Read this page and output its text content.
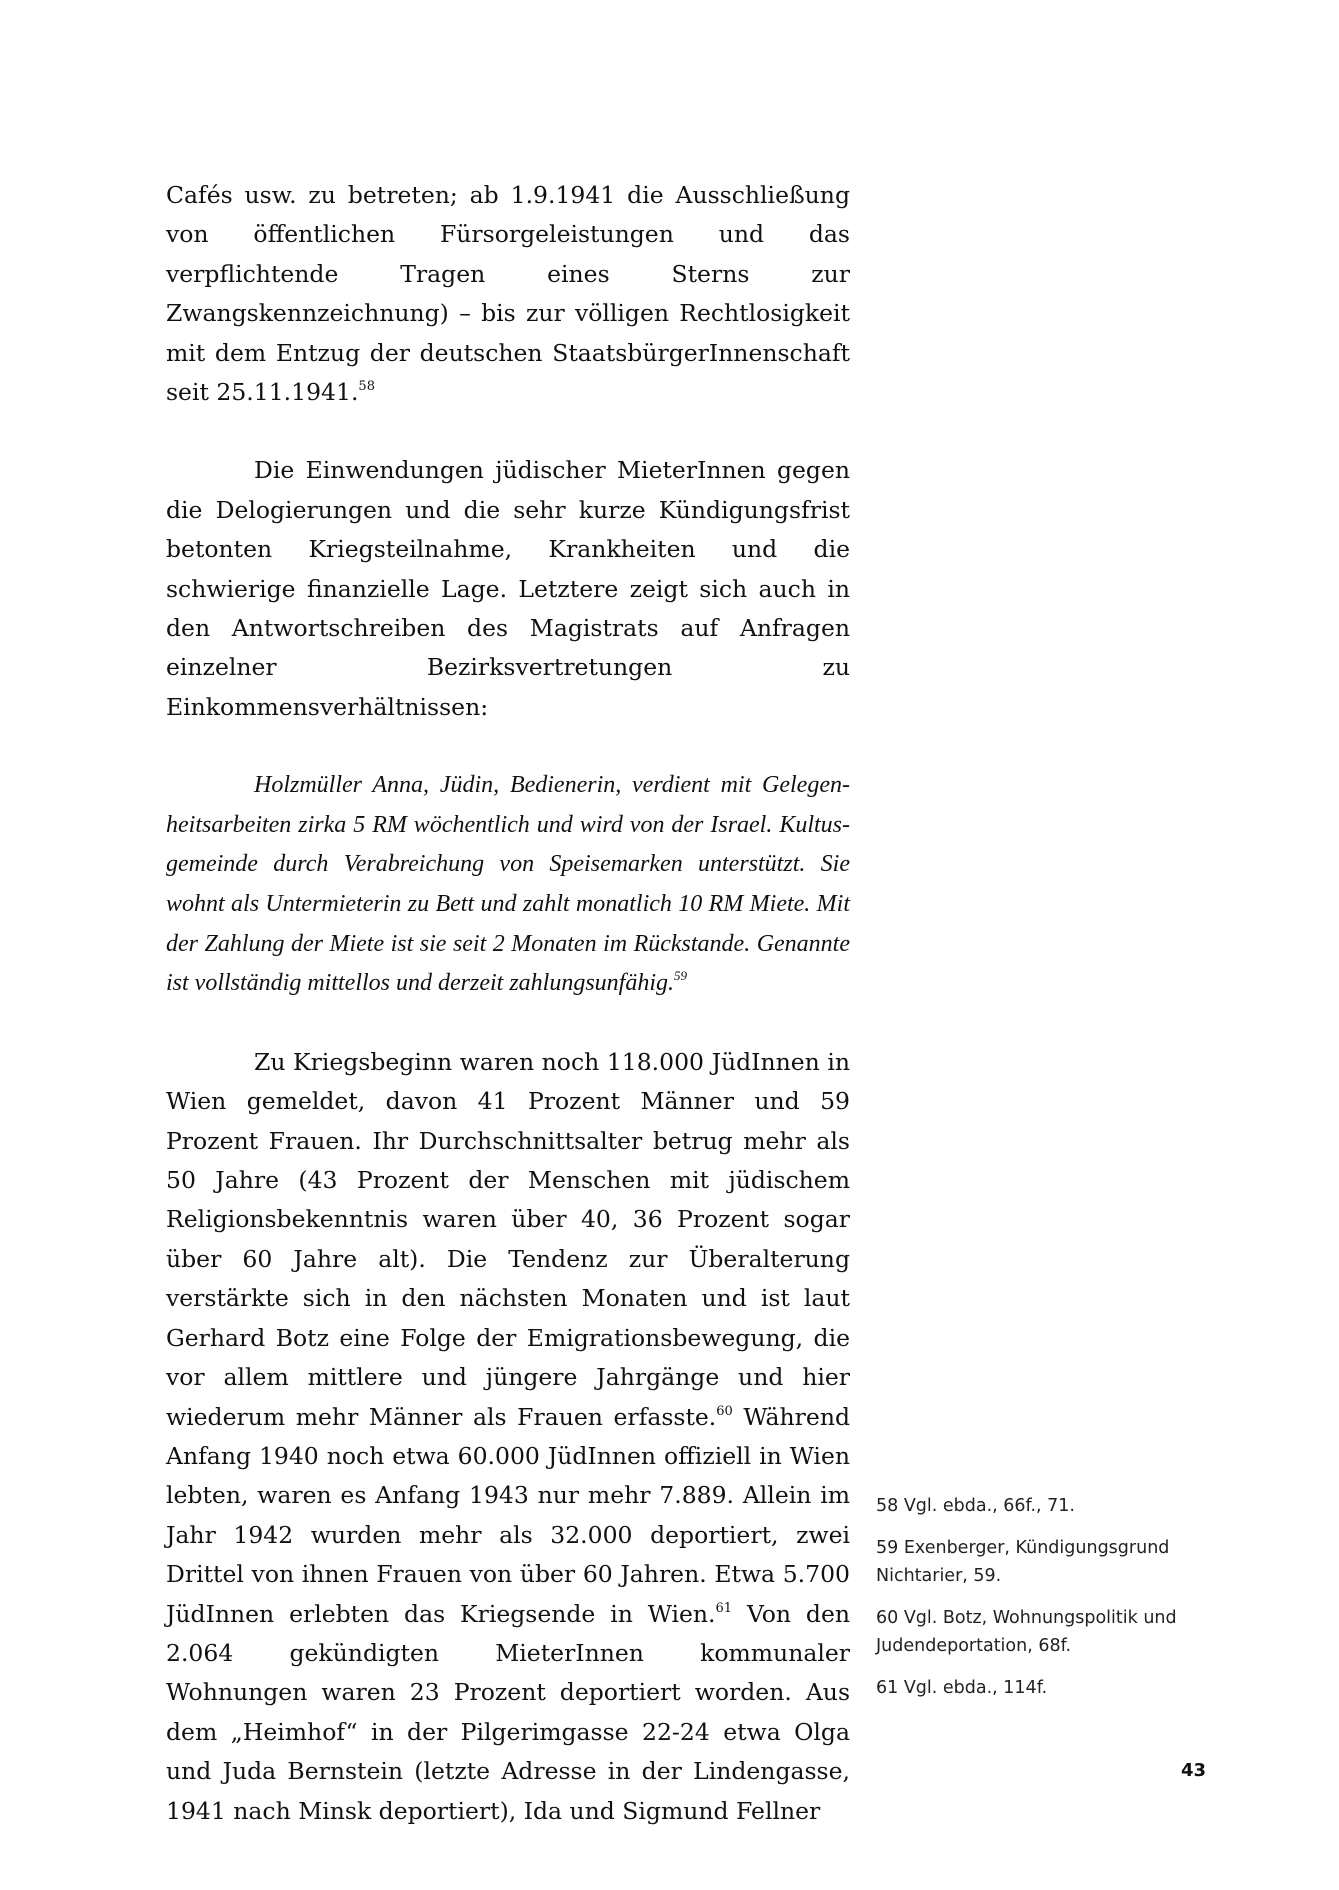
Cafés usw. zu betreten; ab 1.9.1941 die Ausschließung von öffentlichen Fürsorgeleistungen und das verpflichtende Tragen eines Sterns zur Zwangskennzeichnung) – bis zur völligen Rechtlosigkeit mit dem Entzug der deutschen StaatsbürgerInnenschaft seit 25.11.1941.58

Die Einwendungen jüdischer MieterInnen gegen die Delogierungen und die sehr kurze Kündigungsfrist betonten Kriegsteilnahme, Krankheiten und die schwierige finanzielle Lage. Letztere zeigt sich auch in den Antwortschreiben des Magistrats auf Anfragen einzelner Bezirksvertretungen zu Einkommensverhältnissen:

Holzmüller Anna, Jüdin, Bedienerin, verdient mit Gelegenheitsarbeiten zirka 5 RM wöchentlich und wird von der Israel. Kultusgemeinde durch Verabreichung von Speisemarken unterstützt. Sie wohnt als Untermieterin zu Bett und zahlt monatlich 10 RM Miete. Mit der Zahlung der Miete ist sie seit 2 Monaten im Rückstande. Genannte ist vollständig mittellos und derzeit zahlungsunfähig.$^{59}$

Zu Kriegsbeginn waren noch 118.000 JüdInnen in Wien gemeldet, davon 41 Prozent Männer und 59 Prozent Frauen. Ihr Durchschnittsalter betrug mehr als 50 Jahre (43 Prozent der Menschen mit jüdischem Religionsbekenntnis waren über 40, 36 Prozent sogar über 60 Jahre alt). Die Tendenz zur Überalterung verstärkte sich in den nächsten Monaten und ist laut Gerhard Botz eine Folge der Emigrationsbewegung, die vor allem mittlere und jüngere Jahrgänge und hier wiederum mehr Männer als Frauen erfasste.$^{60}$ Während Anfang 1940 noch etwa 60.000 JüdInnen offiziell in Wien lebten, waren es Anfang 1943 nur mehr 7.889. Allein im Jahr 1942 wurden mehr als 32.000 deportiert, zwei Drittel von ihnen Frauen von über 60 Jahren. Etwa 5.700 JüdInnen erlebten das Kriegsende in Wien.$^{61}$ Von den 2.064 gekündigten MieterInnen kommunaler Wohnungen waren 23 Prozent deportiert worden. Aus dem „Heimhof“ in der Pilgerimgasse 22-24 etwa Olga und Juda Bernstein (letzte Adresse in der Lindengasse, 1941 nach Minsk deportiert), Ida und Sigmund Fellner

58 Vgl. ebda., 66f., 71.

59 Exenberger, Kündigungsgrund Nichtarier, 59.

60 Vgl. Botz, Wohnungspolitik und Judendeportation, 68f.

61 Vgl. ebda., 114f.

43
